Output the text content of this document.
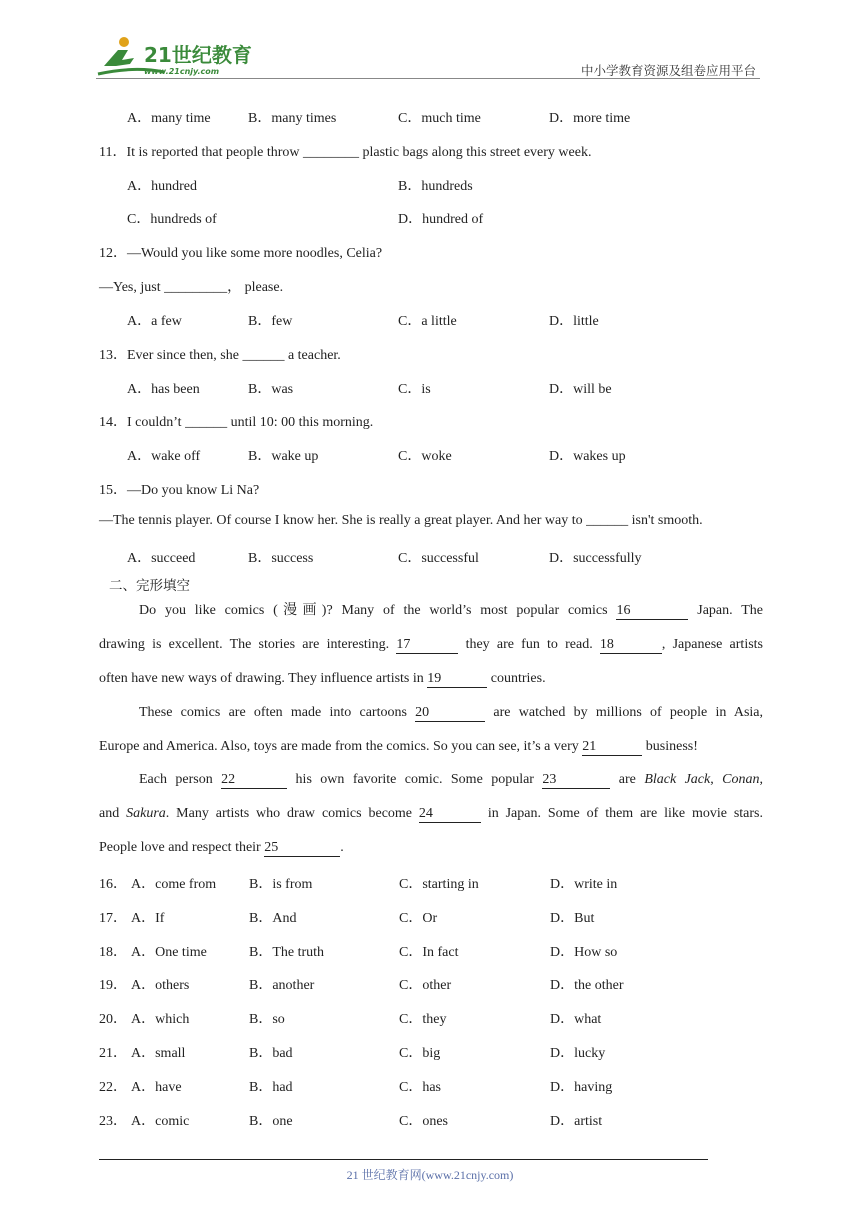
21世纪教育
www.21cnjy.com	中小学教育资源及组卷应用平台
A．many time	B．many times	C．much time	D．more time
11．It is reported that people throw ________ plastic bags along this street every week.
A．hundred	B．hundreds
C．hundreds of	D．hundred of
12．—Would you like some more noodles, Celia?
—Yes, just _________， please.
A．a few	B．few	C．a little	D．little
13．Ever since then, she ______ a teacher.
A．has been	B．was	C．is	D．will be
14．I couldn’t ______ until 10: 00 this morning.
A．wake off	B．wake up	C．woke	D．wakes up
15．—Do you know Li Na?
—The tennis player. Of course I know her. She is really a great player. And her way to ______ isn't smooth.
A．succeed	B．success	C．successful	D．successfully
二、完形填空
Do you like comics (漫画)? Many of the world’s most popular comics 16	Japan. The
drawing is excellent. The stories are interesting. 17	they are fun to read. 18	, Japanese artists
often have new ways of drawing. They influence artists in 19	countries.
These comics are often made into cartoons 20	are watched by millions of people in Asia,
Europe and America. Also, toys are made from the comics. So you can see, it’s a very 21	business!
Each person 22	his own favorite comic. Some popular 23	are Black Jack, Conan,
and Sakura. Many artists who draw comics become 24	in Japan. Some of them are like movie stars.
People love and respect their 25	.
16． A．come from B．is from	C．starting in	D．write in
17． A．If	B．And	C．Or	D．But
18． A．One time	B．The truth	C．In fact	D．How so
19． A．others	B．another	C．other	D．the other
20． A．which	B．so	C．they	D．what
21． A．small	B．bad	C．big	D．lucky
22． A．have	B．had	C．has	D．having
23． A．comic	B．one	C．ones	D．artist
21 世纪教育网(www.21cnjy.com)
